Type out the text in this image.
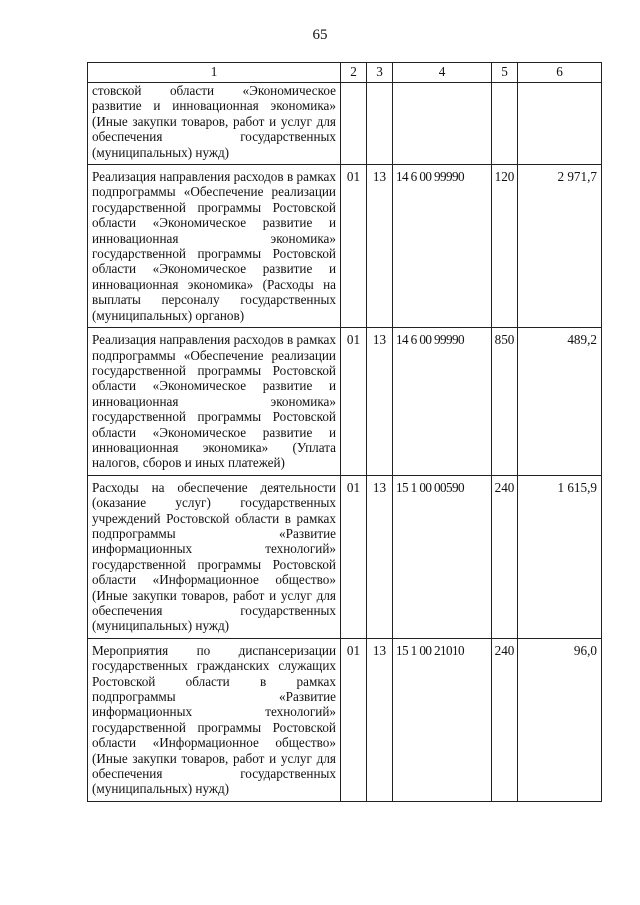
65
1	2	3	4	5	6
стовской области «Экономическое развитие и инновационная экономика» (Иные закупки товаров, работ и услуг для обеспечения государственных (муниципальных) нужд)					
Реализация направления расходов в рамках подпрограммы «Обеспечение реализации государственной программы Ростовской области «Экономическое развитие и инновационная экономика» государственной программы Ростовской области «Экономическое развитие и инновационная экономика» (Расходы на выплаты персоналу государственных (муниципальных) органов)	01	13	14 6 00 99990	120	2 971,7
Реализация направления расходов в рамках подпрограммы «Обеспечение реализации государственной программы Ростовской области «Экономическое развитие и инновационная экономика» государственной программы Ростовской области «Экономическое развитие и инновационная экономика» (Уплата налогов, сборов и иных платежей)	01	13	14 6 00 99990	850	489,2
Расходы на обеспечение деятельности (оказание услуг) государственных учреждений Ростовской области в рамках подпрограммы «Развитие информационных технологий» государственной программы Ростовской области «Информационное общество» (Иные закупки товаров, работ и услуг для обеспечения государственных (муниципальных) нужд)	01	13	15 1 00 00590	240	1 615,9
Мероприятия по диспансеризации государственных гражданских служащих Ростовской области в рамках подпрограммы «Развитие информационных технологий» государственной программы Ростовской области «Информационное общество» (Иные закупки товаров, работ и услуг для обеспечения государственных (муниципальных) нужд)	01	13	15 1 00 21010	240	96,0
